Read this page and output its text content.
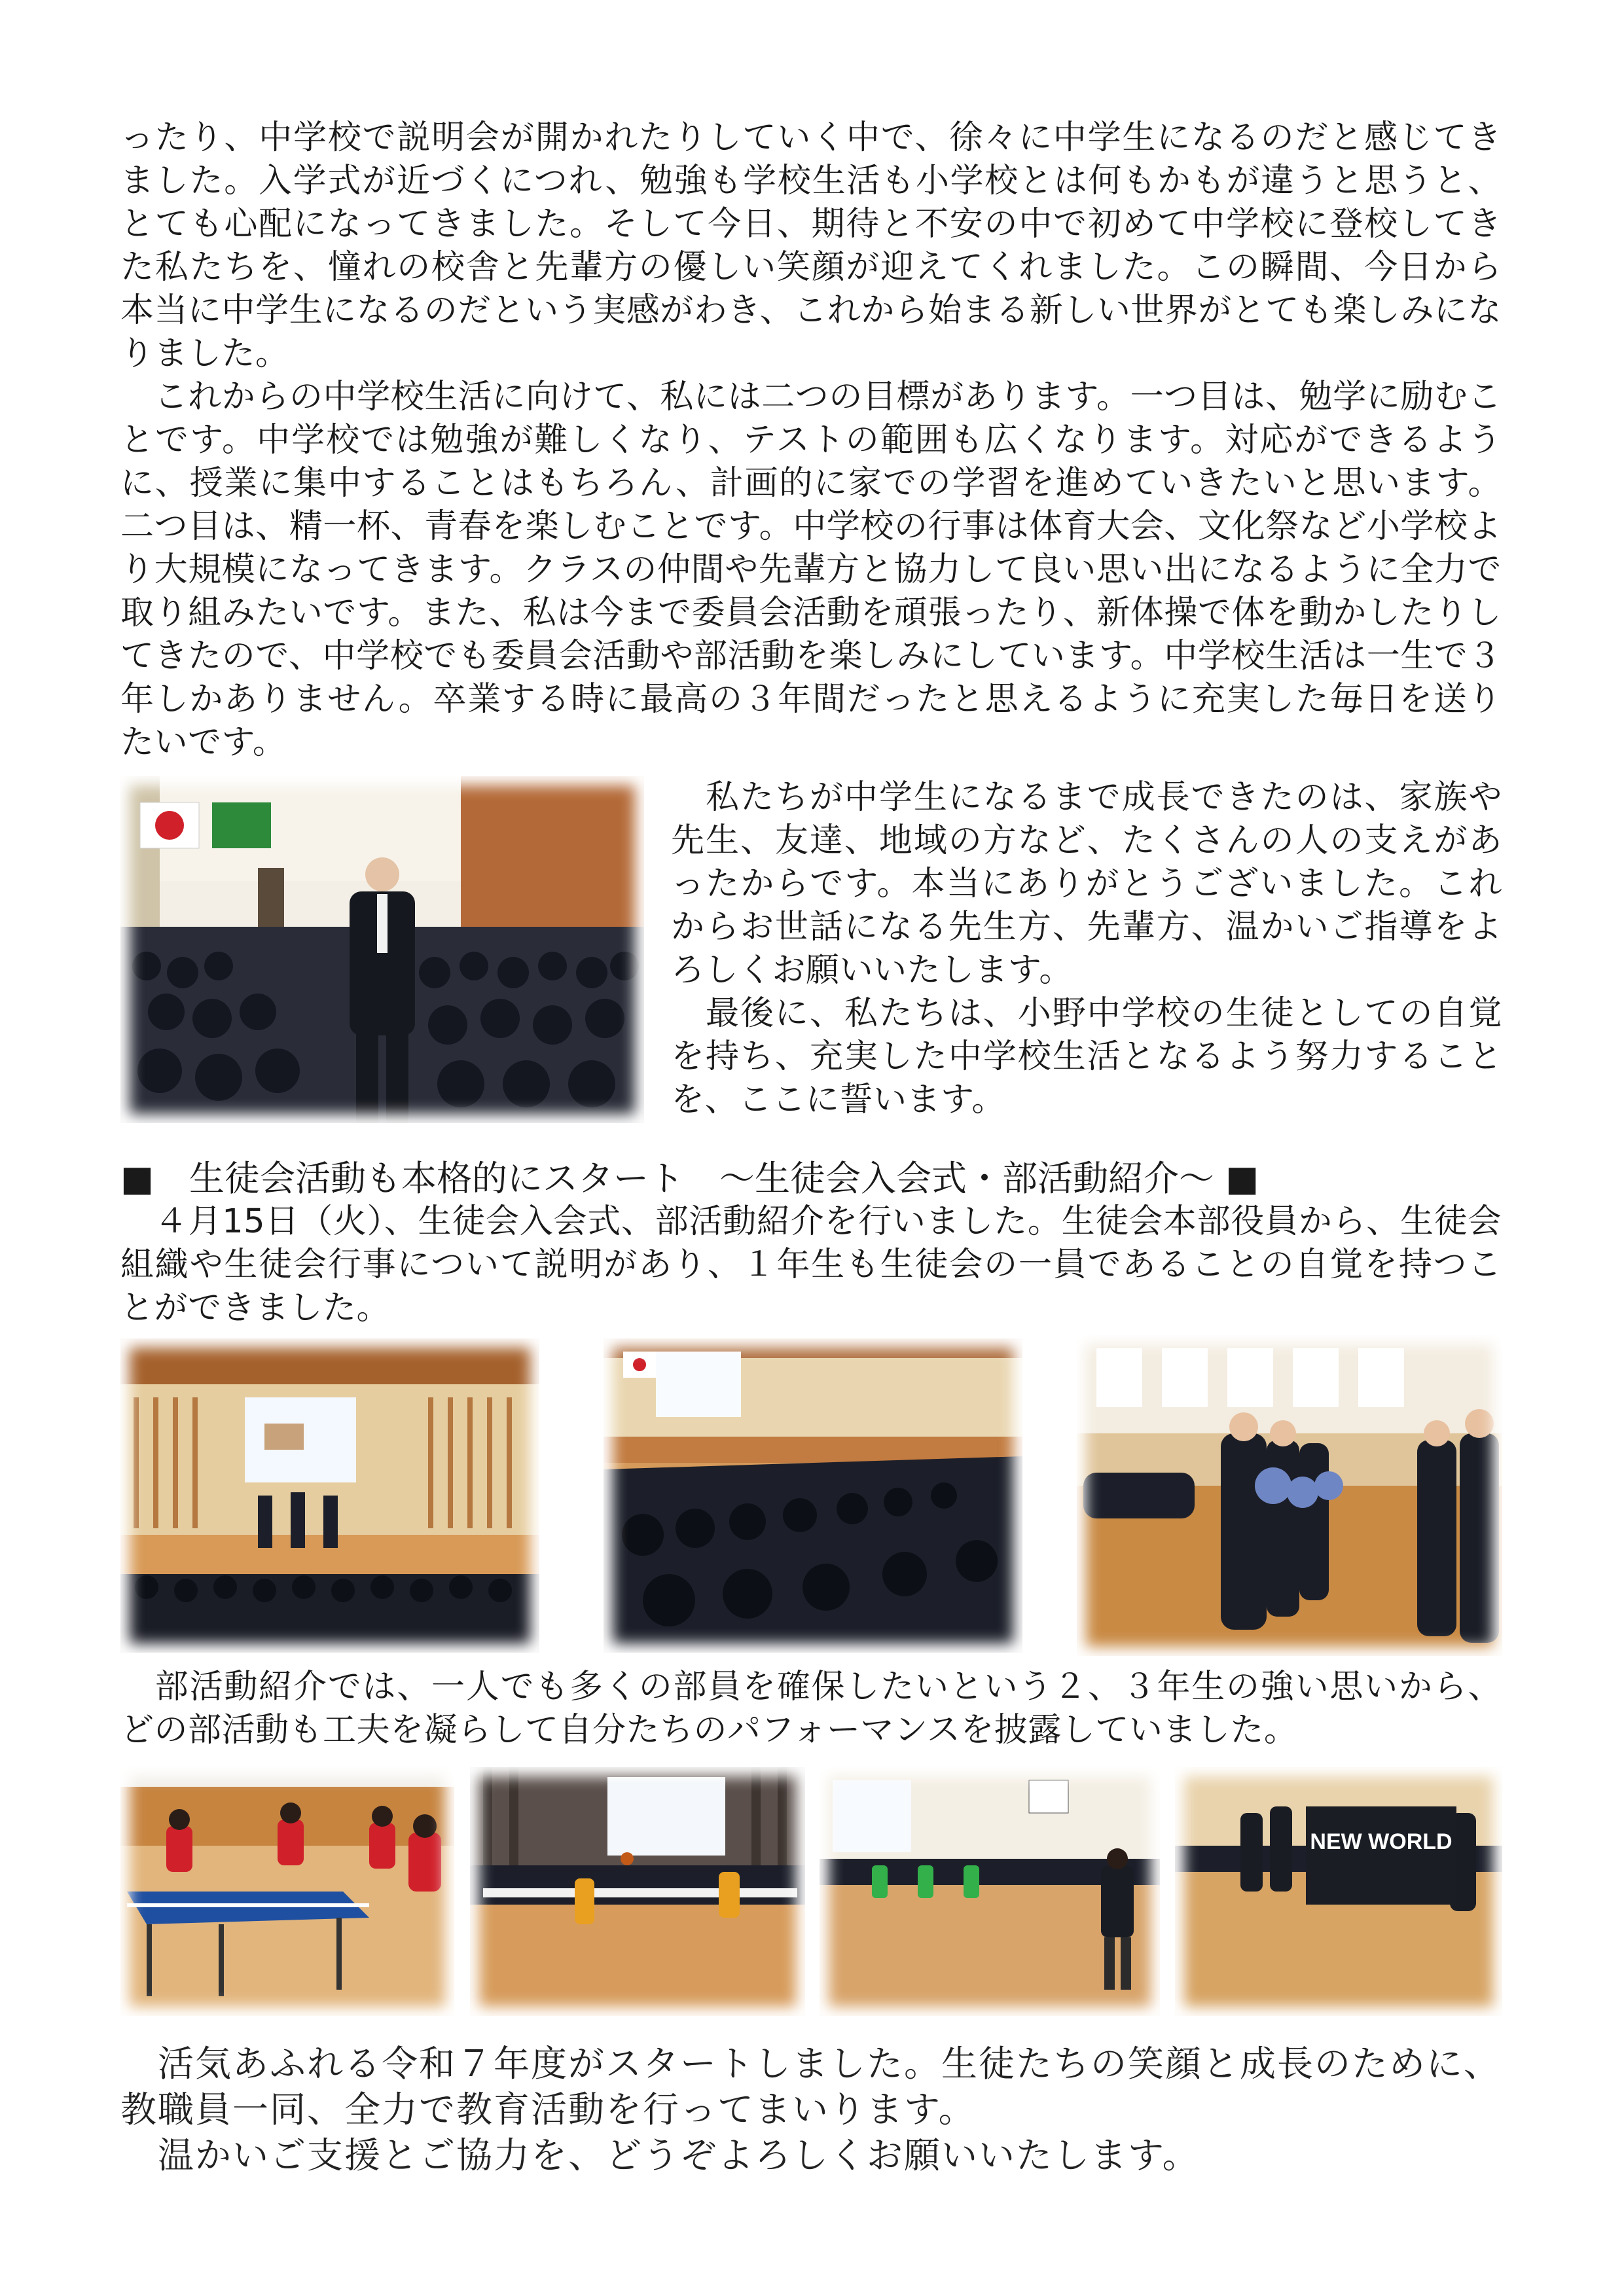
ったり、中学校で説明会が開かれたりしていく中で、徐々に中学生になるのだと感じてきました。入学式が近づくにつれ、勉強も学校生活も小学校とは何もかもが違うと思うと、とても心配になってきました。そして今日、期待と不安の中で初めて中学校に登校してきた私たちを、憧れの校舎と先輩方の優しい笑顔が迎えてくれました。この瞬間、今日から本当に中学生になるのだという実感がわき、これから始まる新しい世界がとても楽しみになりました。

　これからの中学校生活に向けて、私には二つの目標があります。一つ目は、勉学に励むことです。中学校では勉強が難しくなり、テストの範囲も広くなります。対応ができるように、授業に集中することはもちろん、計画的に家での学習を進めていきたいと思います。二つ目は、精一杯、青春を楽しむことです。中学校の行事は体育大会、文化祭など小学校より大規模になってきます。クラスの仲間や先輩方と協力して良い思い出になるように全力で取り組みたいです。また、私は今まで委員会活動を頑張ったり、新体操で体を動かしたりしてきたので、中学校でも委員会活動や部活動を楽しみにしています。中学校生活は一生で３年しかありません。卒業する時に最高の３年間だったと思えるように充実した毎日を送りたいです。

　私たちが中学生になるまで成長できたのは、家族や先生、友達、地域の方など、たくさんの人の支えがあったからです。本当にありがとうございました。これからお世話になる先生方、先輩方、温かいご指導をよろしくお願いいたします。

　最後に、私たちは、小野中学校の生徒としての自覚を持ち、充実した中学校生活となるよう努力することを、ここに誓います。

■　生徒会活動も本格的にスタート　～生徒会入会式・部活動紹介～ ■

　４月15日（火）、生徒会入会式、部活動紹介を行いました。生徒会本部役員から、生徒会組織や生徒会行事について説明があり、１年生も生徒会の一員であることの自覚を持つことができました。

　部活動紹介では、一人でも多くの部員を確保したいという２、３年生の強い思いから、どの部活動も工夫を凝らして自分たちのパフォーマンスを披露していました。

NEW WORLD

　活気あふれる令和７年度がスタートしました。生徒たちの笑顔と成長のために、教職員一同、全力で教育活動を行ってまいります。

　温かいご支援とご協力を、どうぞよろしくお願いいたします。
